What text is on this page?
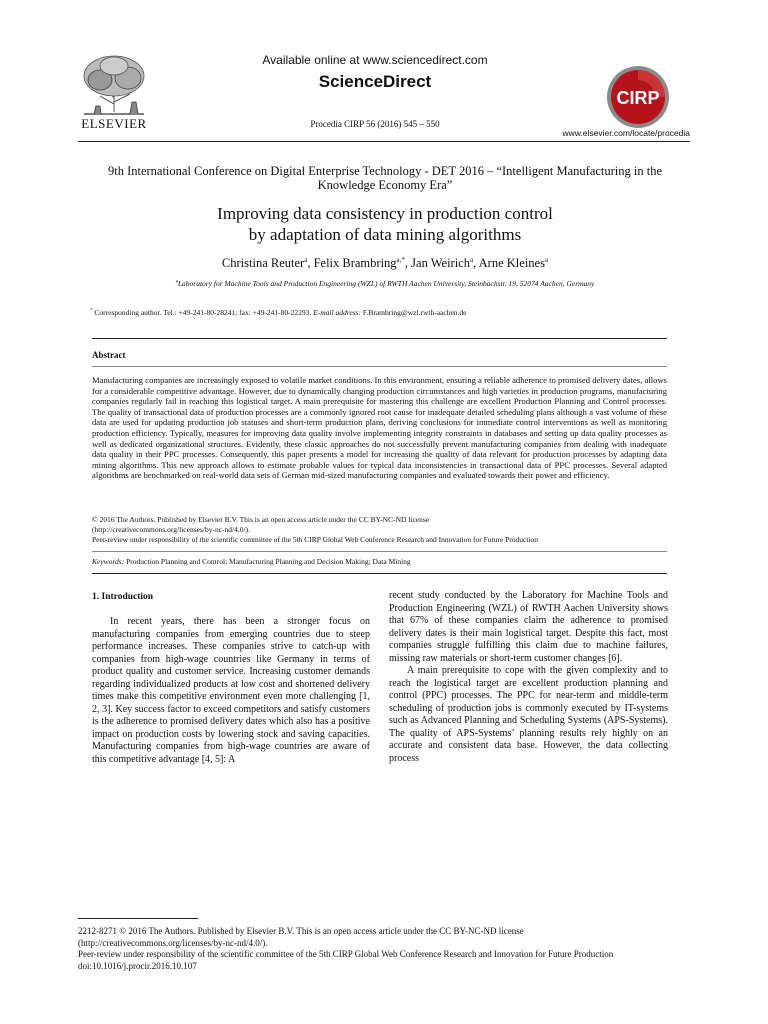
ELSEVIER
Available online at www.sciencedirect.com
ScienceDirect
Procedia CIRP 56 (2016) 545 – 550
CIRP
www.elsevier.com/locate/procedia
9th International Conference on Digital Enterprise Technology - DET 2016 – “Intelligent Manufacturing in the Knowledge Economy Era”
Improving data consistency in production control
by adaptation of data mining algorithms
Christina Reuter$^a$, Felix Brambring$^{a,*}$, Jan Weirich$^a$, Arne Kleines$^a$
$^a$Laboratory for Machine Tools and Production Engineering (WZL) of RWTH Aachen University, Steinbachstr. 19, 52074 Aachen, Germany
* Corresponding author. Tel.: +49-241-80-28241; fax: +49-241-80-22293. E-mail address: F.Brambring@wzl.rwth-aachen.de
Abstract
Manufacturing companies are increasingly exposed to volatile market conditions. In this environment, ensuring a reliable adherence to promised delivery dates, allows for a considerable competitive advantage. However, due to dynamically changing production circumstances and high varieties in production programs, manufacturing companies regularly fail in reaching this logistical target. A main prerequisite for mastering this challenge are excellent Production Planning and Control processes. The quality of transactional data of production processes are a commonly ignored root cause for inadequate detailed scheduling plans although a vast volume of these data are used for updating production job statuses and short-term production plans, deriving conclusions for immediate control interventions as well as monitoring production efficiency. Typically, measures for improving data quality involve implementing integrity constraints in databases and setting up data quality processes as well as dedicated organizational structures. Evidently, these classic approaches do not successfully prevent manufacturing companies from dealing with inadequate data quality in their PPC processes. Consequently, this paper presents a model for increasing the quality of data relevant for production processes by adapting data mining algorithms. This new approach allows to estimate probable values for typical data inconsistencies in transactional data of PPC processes. Several adapted algorithms are benchmarked on real-world data sets of German mid-sized manufacturing companies and evaluated towards their power and efficiency.
© 2016 The Authors. Published by Elsevier B.V. This is an open access article under the CC BY-NC-ND license
(http://creativecommons.org/licenses/by-nc-nd/4.0/).
Peer-review under responsibility of the scientific committee of the 5th CIRP Global Web Conference Research and Innovation for Future Production
Keywords: Production Planning and Control; Manufacturing Planning and Decision Making; Data Mining
1. Introduction

In recent years, there has been a stronger focus on manufacturing companies from emerging countries due to steep performance increases. These companies strive to catch-up with companies from high-wage countries like Germany in terms of product quality and customer service. Increasing customer demands regarding individualized products at low cost and shortened delivery times make this competitive environment even more challenging [1, 2, 3]. Key success factor to exceed competitors and satisfy customers is the adherence to promised delivery dates which also has a positive impact on production costs by lowering stock and saving capacities. Manufacturing companies from high-wage countries are aware of this competitive advantage [4, 5]: A

recent study conducted by the Laboratory for Machine Tools and Production Engineering (WZL) of RWTH Aachen University shows that 67% of these companies claim the adherence to promised delivery dates is their main logistical target. Despite this fact, most companies struggle fulfilling this claim due to machine failures, missing raw materials or short-term customer changes [6].

A main prerequisite to cope with the given complexity and to reach the logistical target are excellent production planning and control (PPC) processes. The PPC for near-term and middle-term scheduling of production jobs is commonly executed by IT-systems such as Advanced Planning and Scheduling Systems (APS-Systems). The quality of APS-Systems’ planning results rely highly on an accurate and consistent data base. However, the data collecting process

2212-8271 © 2016 The Authors. Published by Elsevier B.V. This is an open access article under the CC BY-NC-ND license
(http://creativecommons.org/licenses/by-nc-nd/4.0/).
Peer-review under responsibility of the scientific committee of the 5th CIRP Global Web Conference Research and Innovation for Future Production
doi:10.1016/j.procir.2016.10.107
